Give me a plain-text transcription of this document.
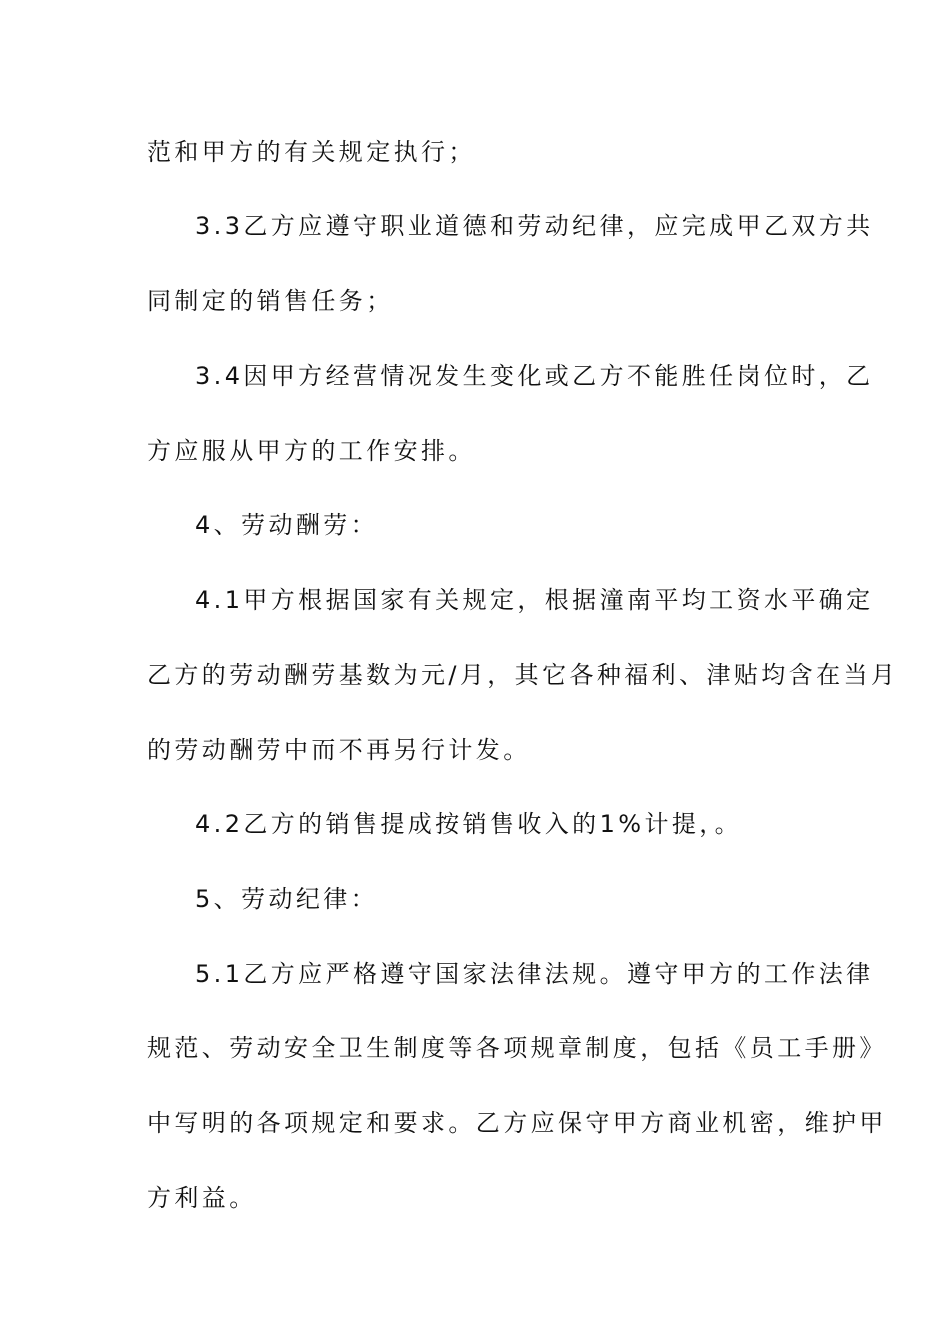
范和甲方的有关规定执行；
3.3乙方应遵守职业道德和劳动纪律，应完成甲乙双方共
同制定的销售任务；
3.4因甲方经营情况发生变化或乙方不能胜任岗位时，乙
方应服从甲方的工作安排。
4、劳动酬劳：
4.1甲方根据国家有关规定，根据潼南平均工资水平确定
乙方的劳动酬劳基数为元/月，其它各种福利、津贴均含在当月
的劳动酬劳中而不再另行计发。
4.2乙方的销售提成按销售收入的1%计提，。
5、劳动纪律：
5.1乙方应严格遵守国家法律法规。遵守甲方的工作法律
规范、劳动安全卫生制度等各项规章制度，包括《员工手册》
中写明的各项规定和要求。乙方应保守甲方商业机密，维护甲
方利益。
